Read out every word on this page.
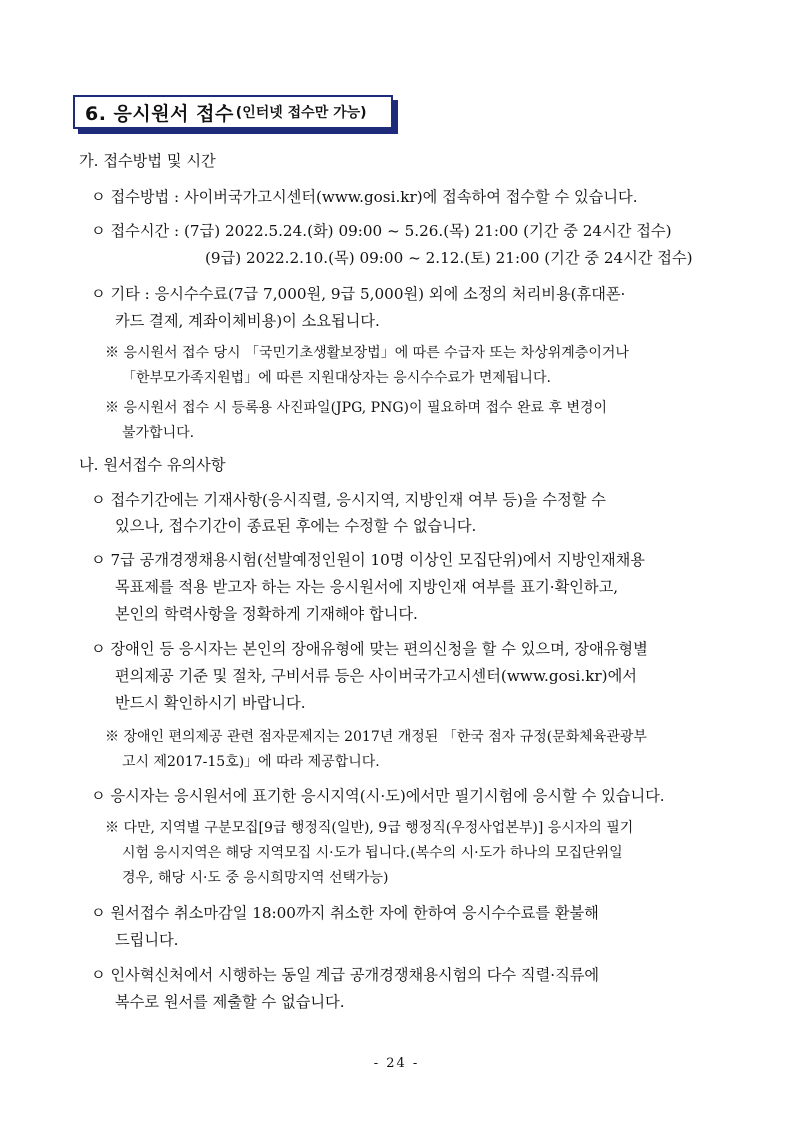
6. 응시원서 접수 (인터넷 접수만 가능)
가. 접수방법 및 시간
ㅇ 접수방법 : 사이버국가고시센터(www.gosi.kr)에 접속하여 접수할 수 있습니다.
ㅇ 접수시간 : (7급) 2022.5.24.(화) 09:00 ~ 5.26.(목) 21:00 (기간 중 24시간 접수)
(9급) 2022.2.10.(목) 09:00 ~ 2.12.(토) 21:00 (기간 중 24시간 접수)
ㅇ 기타 : 응시수수료(7급 7,000원, 9급 5,000원) 외에 소정의 처리비용(휴대폰·
카드 결제, 계좌이체비용)이 소요됩니다.
※ 응시원서 접수 당시 「국민기초생활보장법」에 따른 수급자 또는 차상위계층이거나
「한부모가족지원법」에 따른 지원대상자는 응시수수료가 면제됩니다.
※ 응시원서 접수 시 등록용 사진파일(JPG, PNG)이 필요하며 접수 완료 후 변경이
불가합니다.
나. 원서접수 유의사항
ㅇ 접수기간에는 기재사항(응시직렬, 응시지역, 지방인재 여부 등)을 수정할 수
있으나, 접수기간이 종료된 후에는 수정할 수 없습니다.
ㅇ 7급 공개경쟁채용시험(선발예정인원이 10명 이상인 모집단위)에서 지방인재채용
목표제를 적용 받고자 하는 자는 응시원서에 지방인재 여부를 표기·확인하고,
본인의 학력사항을 정확하게 기재해야 합니다.
ㅇ 장애인 등 응시자는 본인의 장애유형에 맞는 편의신청을 할 수 있으며, 장애유형별
편의제공 기준 및 절차, 구비서류 등은 사이버국가고시센터(www.gosi.kr)에서
반드시 확인하시기 바랍니다.
※ 장애인 편의제공 관련 점자문제지는 2017년 개정된 「한국 점자 규정(문화체육관광부
고시 제2017-15호)」에 따라 제공합니다.
ㅇ 응시자는 응시원서에 표기한 응시지역(시·도)에서만 필기시험에 응시할 수 있습니다.
※ 다만, 지역별 구분모집[9급 행정직(일반), 9급 행정직(우정사업본부)] 응시자의 필기
시험 응시지역은 해당 지역모집 시·도가 됩니다.(복수의 시·도가 하나의 모집단위일
경우, 해당 시·도 중 응시희망지역 선택가능)
ㅇ 원서접수 취소마감일 18:00까지 취소한 자에 한하여 응시수수료를 환불해
드립니다.
ㅇ 인사혁신처에서 시행하는 동일 계급 공개경쟁채용시험의 다수 직렬·직류에
복수로 원서를 제출할 수 없습니다.
- 24 -
